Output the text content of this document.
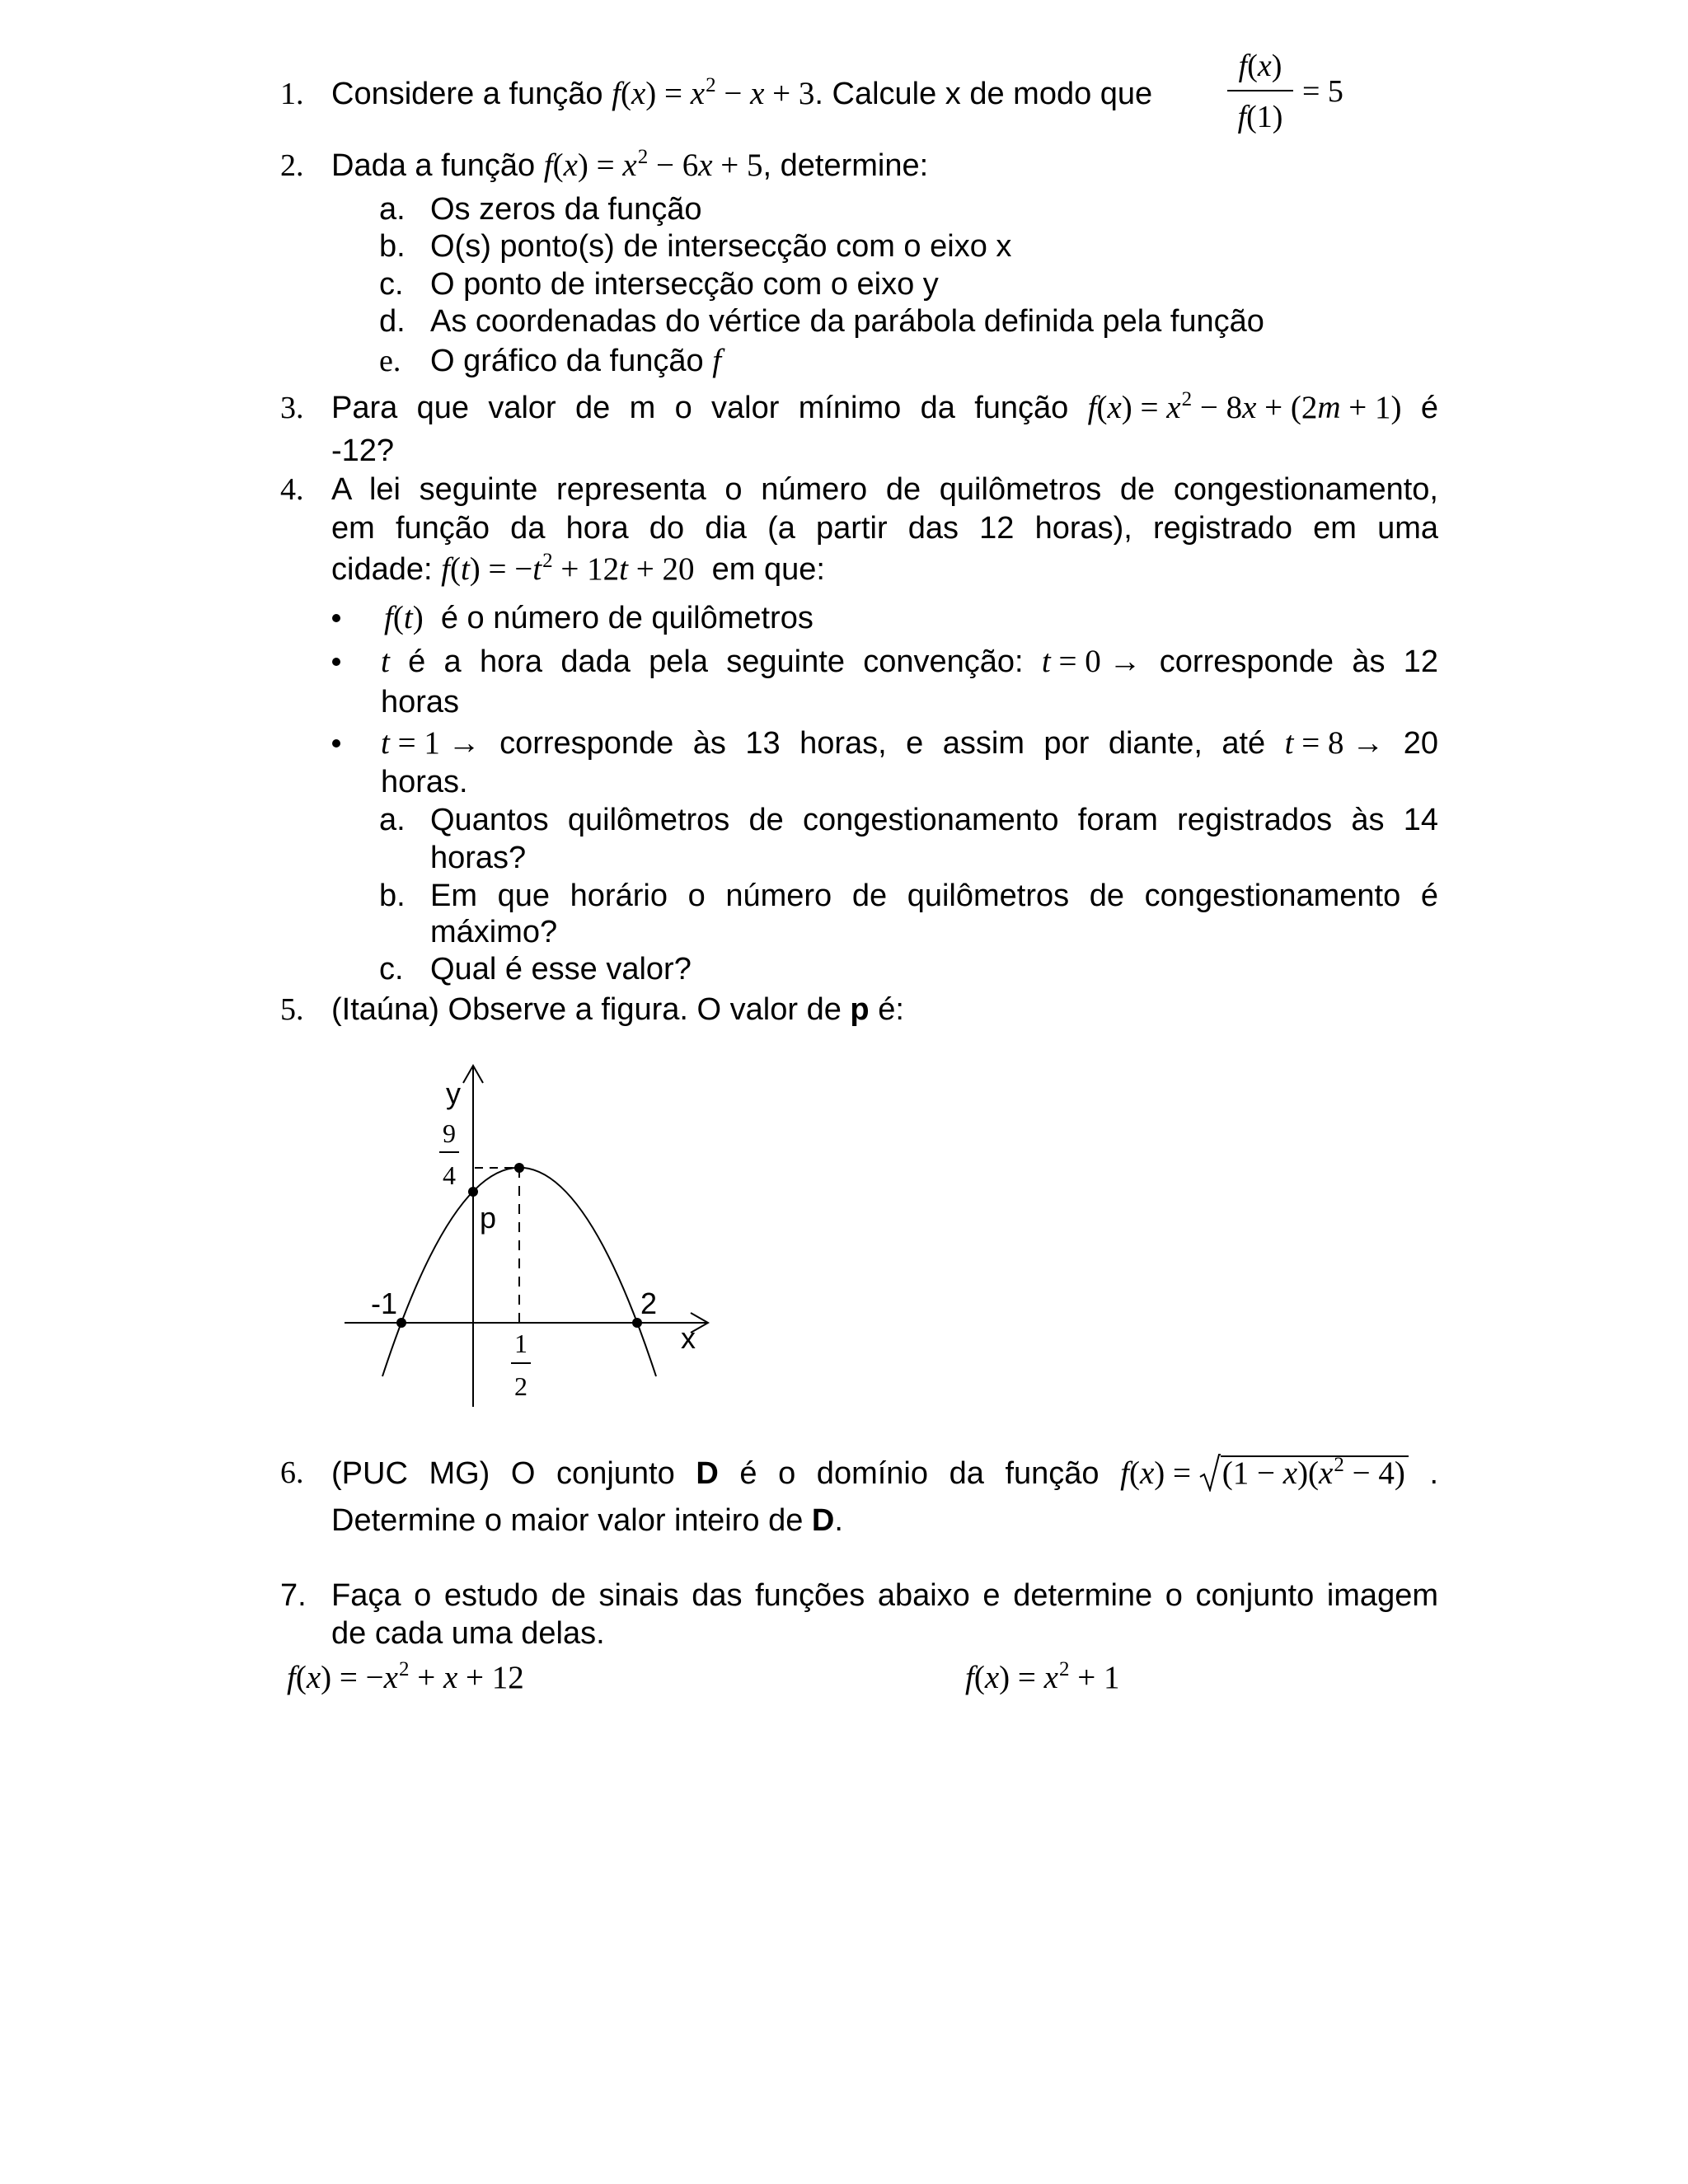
1. Considere a função $f(x) = x^2 - x + 3$. Calcule x de modo que
f(x)
f(1)
= 5
2. Dada a função $f(x) = x^2 - 6x + 5$, determine:
a. Os zeros da função
b. O(s) ponto(s) de intersecção com o eixo x
c. O ponto de intersecção com o eixo y
d. As coordenadas do vértice da parábola definida pela função
e. O gráfico da função f
3. Para que valor de m o valor mínimo da função $f(x) = x^2 - 8x + (2m + 1)$ é
-12?
4. A lei seguinte representa o número de quilômetros de congestionamento,
em função da hora do dia (a partir das 12 horas), registrado em uma
cidade: $f(t) = -t^2 + 12t + 20$ em que:
f(t) é o número de quilômetros
t é a hora dada pela seguinte convenção: t = 0 → corresponde às 12
horas
t = 1 → corresponde às 13 horas, e assim por diante, até t = 8 → 20
horas.
a. Quantos quilômetros de congestionamento foram registrados às 14
horas?
b. Em que horário o número de quilômetros de congestionamento é
máximo?
c. Qual é esse valor?
5. (Itaúna) Observe a figura. O valor de p é:
y
9
4
p
-1	2
x
1
2
6. (PUC MG) O conjunto D é o domínio da função $f(x) = (1 - x)(x^2 - 4)$ .
Determine o maior valor inteiro de D.
7. Faça o estudo de sinais das funções abaixo e determine o conjunto imagem
de cada uma delas.
$f(x) = -x^2 + x + 12$	$f(x) = x^2 + 1$
